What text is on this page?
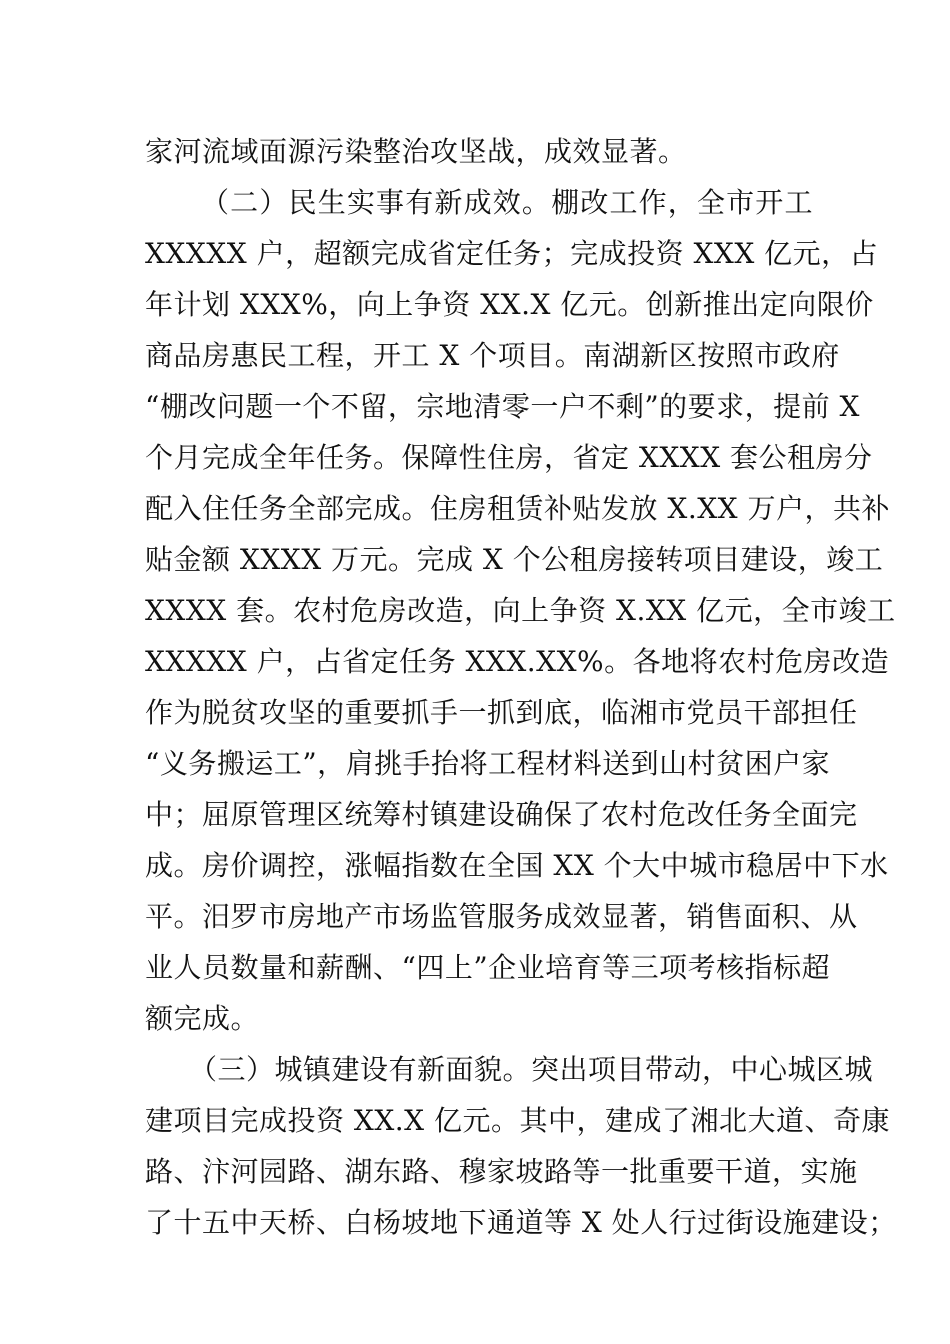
家河流域面源污染整治攻坚战，成效显著。
（二）民生实事有新成效。棚改工作，全市开工
XXXXX 户，超额完成省定任务；完成投资 XXX 亿元，占
年计划 XXX%，向上争资 XX.X 亿元。创新推出定向限价
商品房惠民工程，开工 X 个项目。南湖新区按照市政府
“棚改问题一个不留，宗地清零一户不剩”的要求，提前 X
个月完成全年任务。保障性住房，省定 XXXX 套公租房分
配入住任务全部完成。住房租赁补贴发放 X.XX 万户，共补
贴金额 XXXX 万元。完成 X 个公租房接转项目建设，竣工
XXXX 套。农村危房改造，向上争资 X.XX 亿元，全市竣工
XXXXX 户，占省定任务 XXX.XX%。各地将农村危房改造
作为脱贫攻坚的重要抓手一抓到底，临湘市党员干部担任
“义务搬运工”，肩挑手抬将工程材料送到山村贫困户家
中；屈原管理区统筹村镇建设确保了农村危改任务全面完
成。房价调控，涨幅指数在全国 XX 个大中城市稳居中下水
平。汨罗市房地产市场监管服务成效显著，销售面积、从
业人员数量和薪酬、“四上”企业培育等三项考核指标超
额完成。
（三）城镇建设有新面貌。突出项目带动，中心城区城
建项目完成投资 XX.X 亿元。其中，建成了湘北大道、奇康
路、汴河园路、湖东路、穆家坡路等一批重要干道，实施
了十五中天桥、白杨坡地下通道等 X 处人行过街设施建设；
